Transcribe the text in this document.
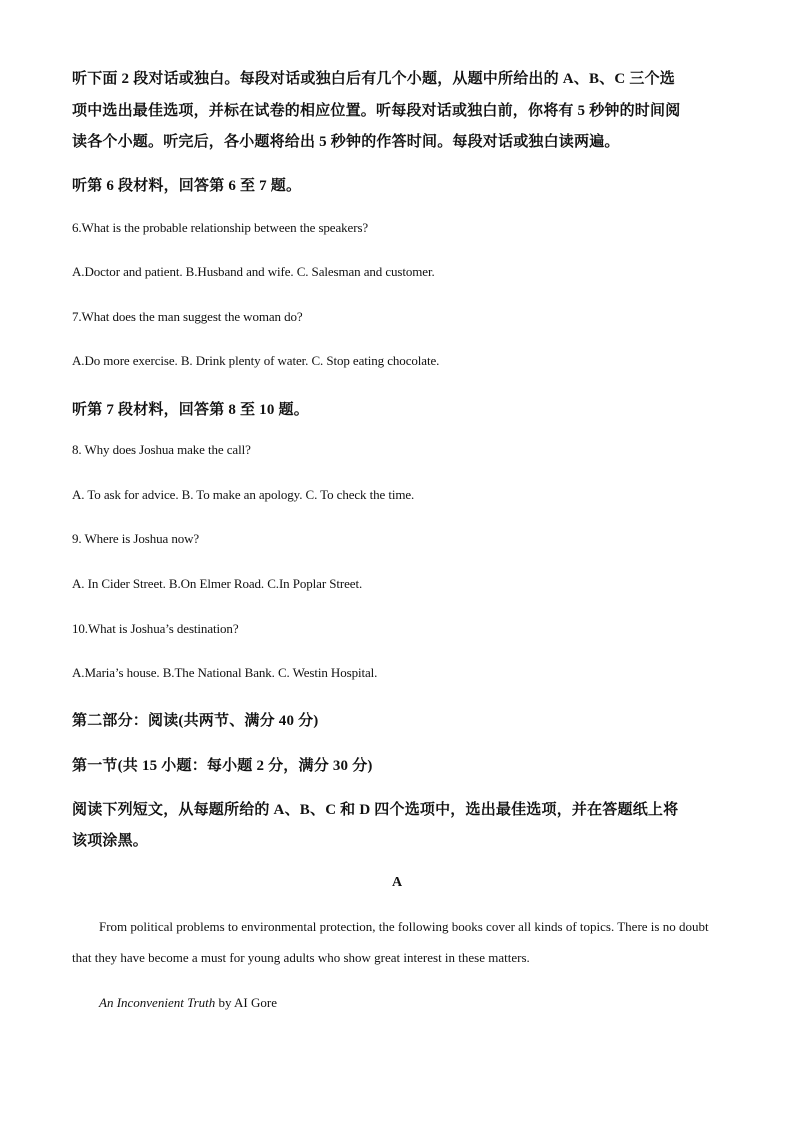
听下面 2 段对话或独白。每段对话或独白后有几个小题，从题中所给出的 A、B、C 三个选
项中选出最佳选项，并标在试卷的相应位置。听每段对话或独白前，你将有 5 秒钟的时间阅
读各个小题。听完后，各小题将给出 5 秒钟的作答时间。每段对话或独白读两遍。
听第 6 段材料，回答第 6 至 7 题。
6.What is the probable relationship between the speakers?
A.Doctor and patient. B.Husband and wife. C. Salesman and customer.
7.What does the man suggest the woman do?
A.Do more exercise. B. Drink plenty of water. C. Stop eating chocolate.
听第 7 段材料，回答第 8 至 10 题。
8. Why does Joshua make the call?
A. To ask for advice. B. To make an apology. C. To check the time.
9. Where is Joshua now?
A. In Cider Street. B.On Elmer Road. C.In Poplar Street.
10.What is Joshua’s destination?
A.Maria’s house. B.The National Bank. C. Westin Hospital.
第二部分：阅读(共两节、满分 40 分)
第一节(共 15 小题：每小题 2 分，满分 30 分)
阅读下列短文，从每题所给的 A、B、C 和 D 四个选项中，选出最佳选项，并在答题纸上将
该项涂黑。
A
From political problems to environmental protection, the following books cover all kinds of topics. There is no doubt that they have become a must for young adults who show great interest in these matters.
An Inconvenient Truth by AI Gore
